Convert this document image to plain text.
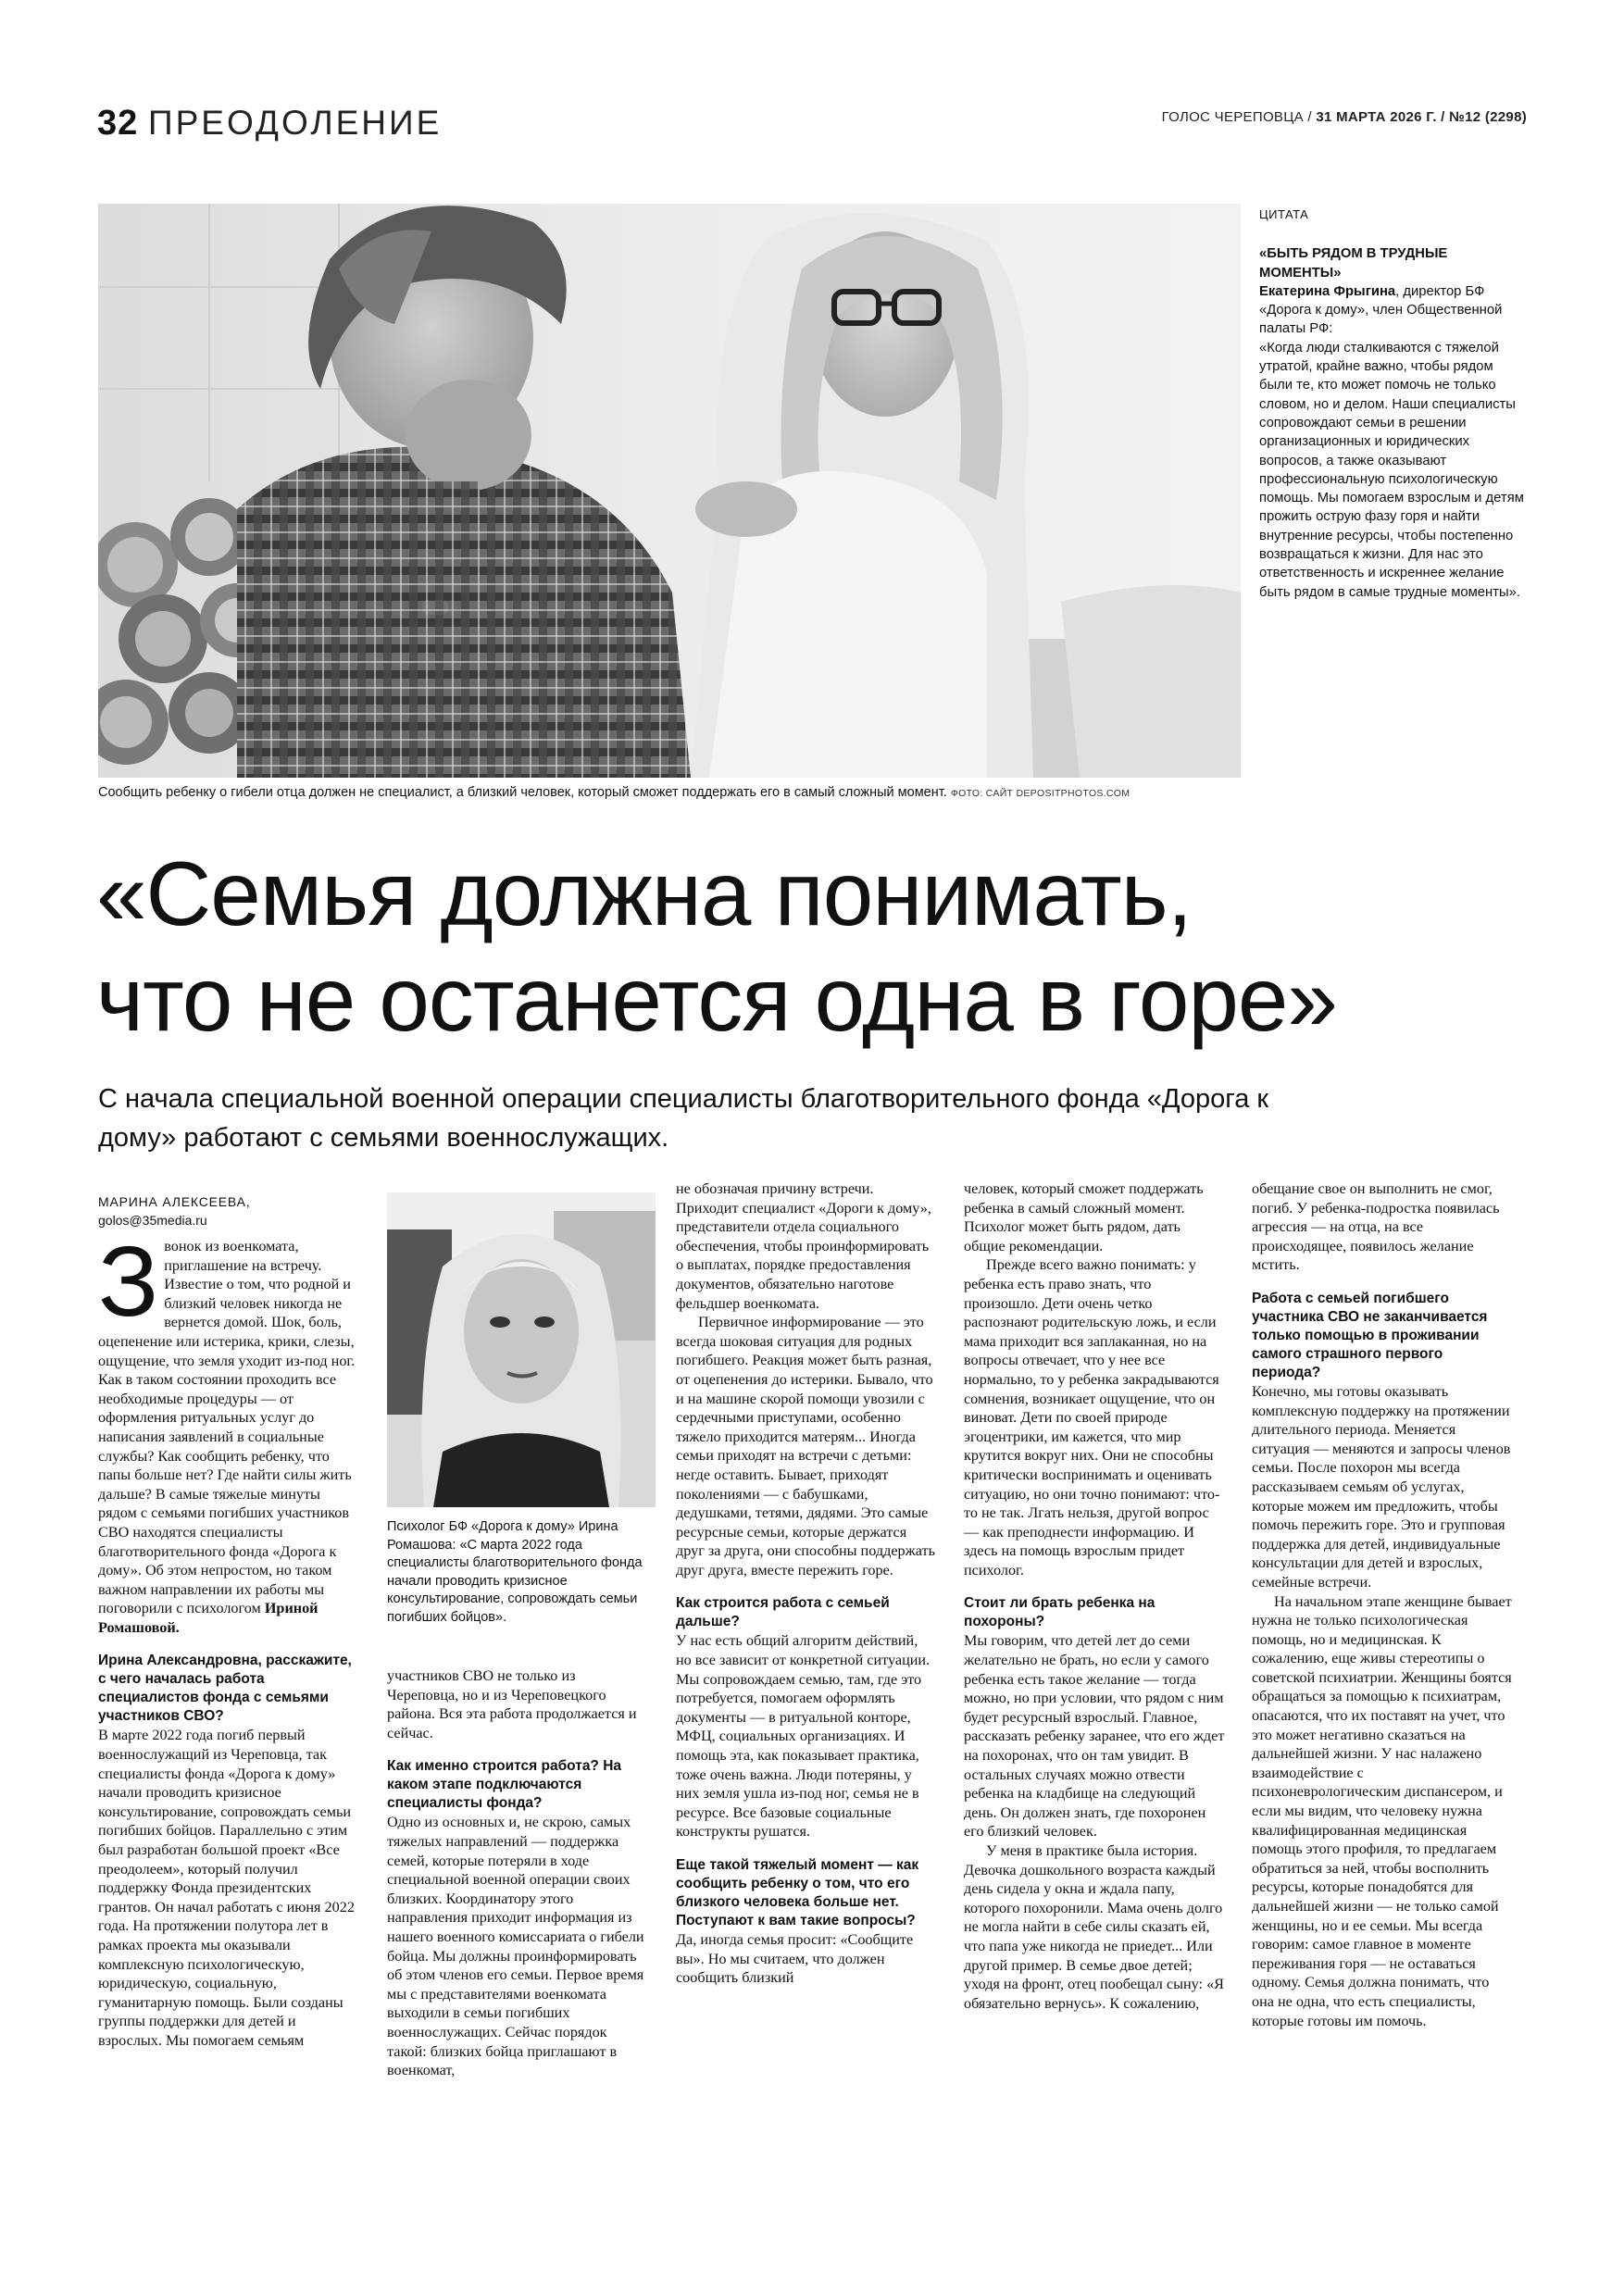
32 ПРЕОДОЛЕНИЕ	ГОЛОС ЧЕРЕПОВЦА / 31 МАРТА 2026 Г. / №12 (2298)
Сообщить ребенку о гибели отца должен не специалист, а близкий человек, который сможет поддержать его в самый сложный момент. ФОТО: САЙТ DEPOSITPHOTOS.COM
ЦИТАТА
«БЫТЬ РЯДОМ В ТРУДНЫЕ МОМЕНТЫ»

Екатерина Фрыгина, директор БФ «Дорога к дому», член Общественной палаты РФ:

«Когда люди сталкиваются с тяжелой утратой, крайне важно, чтобы рядом были те, кто может помочь не только словом, но и делом. Наши специалисты сопровождают семьи в решении организационных и юридических вопросов, а также оказывают профессиональную психологическую помощь. Мы помогаем взрослым и детям прожить острую фазу горя и найти внутренние ресурсы, чтобы постепенно возвращаться к жизни. Для нас это ответственность и искреннее желание быть рядом в самые трудные моменты».

«Семья должна понимать,
что не останется одна в горе»
С начала специальной военной операции специалисты благотворительного фонда «Дорога к дому» работают с семьями военнослужащих.
МАРИНА АЛЕКСЕЕВА,
golos@35media.ru

Звонок из военкомата, приглашение на встречу. Известие о том, что родной и близкий человек никогда не вернется домой. Шок, боль, оцепенение или истерика, крики, слезы, ощущение, что земля уходит из-под ног. Как в таком состоянии проходить все необходимые процедуры — от оформления ритуальных услуг до написания заявлений в социальные службы? Как сообщить ребенку, что папы больше нет? Где найти силы жить дальше? В самые тяжелые минуты рядом с семьями погибших участников СВО находятся специалисты благотворительного фонда «Дорога к дому». Об этом непростом, но таком важном направлении их работы мы поговорили с психологом Ириной Ромашовой.

Ирина Александровна, расскажите, с чего началась работа специалистов фонда с семьями участников СВО?

В марте 2022 года погиб первый военнослужащий из Череповца, так специалисты фонда «Дорога к дому» начали проводить кризисное консультирование, сопровождать семьи погибших бойцов. Параллельно с этим был разработан большой проект «Все преодолеем», который получил поддержку Фонда президентских грантов. Он начал работать с июня 2022 года. На протяжении полутора лет в рамках проекта мы оказывали комплексную психологическую, юридическую, социальную, гуманитарную помощь. Были созданы группы поддержки для детей и взрослых. Мы помогаем семьям

Психолог БФ «Дорога к дому» Ирина Ромашова: «С марта 2022 года специалисты благотворительного фонда начали проводить кризисное консультирование, сопровождать семьи погибших бойцов».

участников СВО не только из Череповца, но и из Череповецкого района. Вся эта работа продолжается и сейчас.

Как именно строится работа? На каком этапе подключаются специалисты фонда?

Одно из основных и, не скрою, самых тяжелых направлений — поддержка семей, которые потеряли в ходе специальной военной операции своих близких. Координатору этого направления приходит информация из нашего военного комиссариата о гибели бойца. Мы должны проинформировать об этом членов его семьи. Первое время мы с представителями военкомата выходили в семьи погибших военнослужащих. Сейчас порядок такой: близких бойца приглашают в военкомат,

не обозначая причину встречи. Приходит специалист «Дороги к дому», представители отдела социального обеспечения, чтобы проинформировать о выплатах, порядке предоставления документов, обязательно наготове фельдшер военкомата.

Первичное информирование — это всегда шоковая ситуация для родных погибшего. Реакция может быть разная, от оцепенения до истерики. Бывало, что и на машине скорой помощи увозили с сердечными приступами, особенно тяжело приходится матерям... Иногда семьи приходят на встречи с детьми: негде оставить. Бывает, приходят поколениями — с бабушками, дедушками, тетями, дядями. Это самые ресурсные семьи, которые держатся друг за друга, они способны поддержать друг друга, вместе пережить горе.

Как строится работа с семьей дальше?

У нас есть общий алгоритм действий, но все зависит от конкретной ситуации. Мы сопровождаем семью, там, где это потребуется, помогаем оформлять документы — в ритуальной конторе, МФЦ, социальных организациях. И помощь эта, как показывает практика, тоже очень важна. Люди потеряны, у них земля ушла из-под ног, семья не в ресурсе. Все базовые социальные конструкты рушатся.

Еще такой тяжелый момент — как сообщить ребенку о том, что его близкого человека больше нет. Поступают к вам такие вопросы?

Да, иногда семья просит: «Сообщите вы». Но мы считаем, что должен сообщить близкий

человек, который сможет поддержать ребенка в самый сложный момент. Психолог может быть рядом, дать общие рекомендации.

Прежде всего важно понимать: у ребенка есть право знать, что произошло. Дети очень четко распознают родительскую ложь, и если мама приходит вся заплаканная, но на вопросы отвечает, что у нее все нормально, то у ребенка закрадываются сомнения, возникает ощущение, что он виноват. Дети по своей природе эгоцентрики, им кажется, что мир крутится вокруг них. Они не способны критически воспринимать и оценивать ситуацию, но они точно понимают: что-то не так. Лгать нельзя, другой вопрос — как преподнести информацию. И здесь на помощь взрослым придет психолог.

Стоит ли брать ребенка на похороны?

Мы говорим, что детей лет до семи желательно не брать, но если у самого ребенка есть такое желание — тогда можно, но при условии, что рядом с ним будет ресурсный взрослый. Главное, рассказать ребенку заранее, что его ждет на похоронах, что он там увидит. В остальных случаях можно отвести ребенка на кладбище на следующий день. Он должен знать, где похоронен его близкий человек.

У меня в практике была история. Девочка дошкольного возраста каждый день сидела у окна и ждала папу, которого похоронили. Мама очень долго не могла найти в себе силы сказать ей, что папа уже никогда не приедет... Или другой пример. В семье двое детей; уходя на фронт, отец пообещал сыну: «Я обязательно вернусь». К сожалению,

обещание свое он выполнить не смог, погиб. У ребенка-подростка появилась агрессия — на отца, на все происходящее, появилось желание мстить.

Работа с семьей погибшего участника СВО не заканчивается только помощью в проживании самого страшного первого периода?

Конечно, мы готовы оказывать комплексную поддержку на протяжении длительного периода. Меняется ситуация — меняются и запросы членов семьи. После похорон мы всегда рассказываем семьям об услугах, которые можем им предложить, чтобы помочь пережить горе. Это и групповая поддержка для детей, индивидуальные консультации для детей и взрослых, семейные встречи.

На начальном этапе женщине бывает нужна не только психологическая помощь, но и медицинская. К сожалению, еще живы стереотипы о советской психиатрии. Женщины боятся обращаться за помощью к психиатрам, опасаются, что их поставят на учет, что это может негативно сказаться на дальнейшей жизни. У нас налажено взаимодействие с психоневрологическим диспансером, и если мы видим, что человеку нужна квалифицированная медицинская помощь этого профиля, то предлагаем обратиться за ней, чтобы восполнить ресурсы, которые понадобятся для дальнейшей жизни — не только самой женщины, но и ее семьи. Мы всегда говорим: самое главное в моменте переживания горя — не оставаться одному. Семья должна понимать, что она не одна, что есть специалисты, которые готовы им помочь.
